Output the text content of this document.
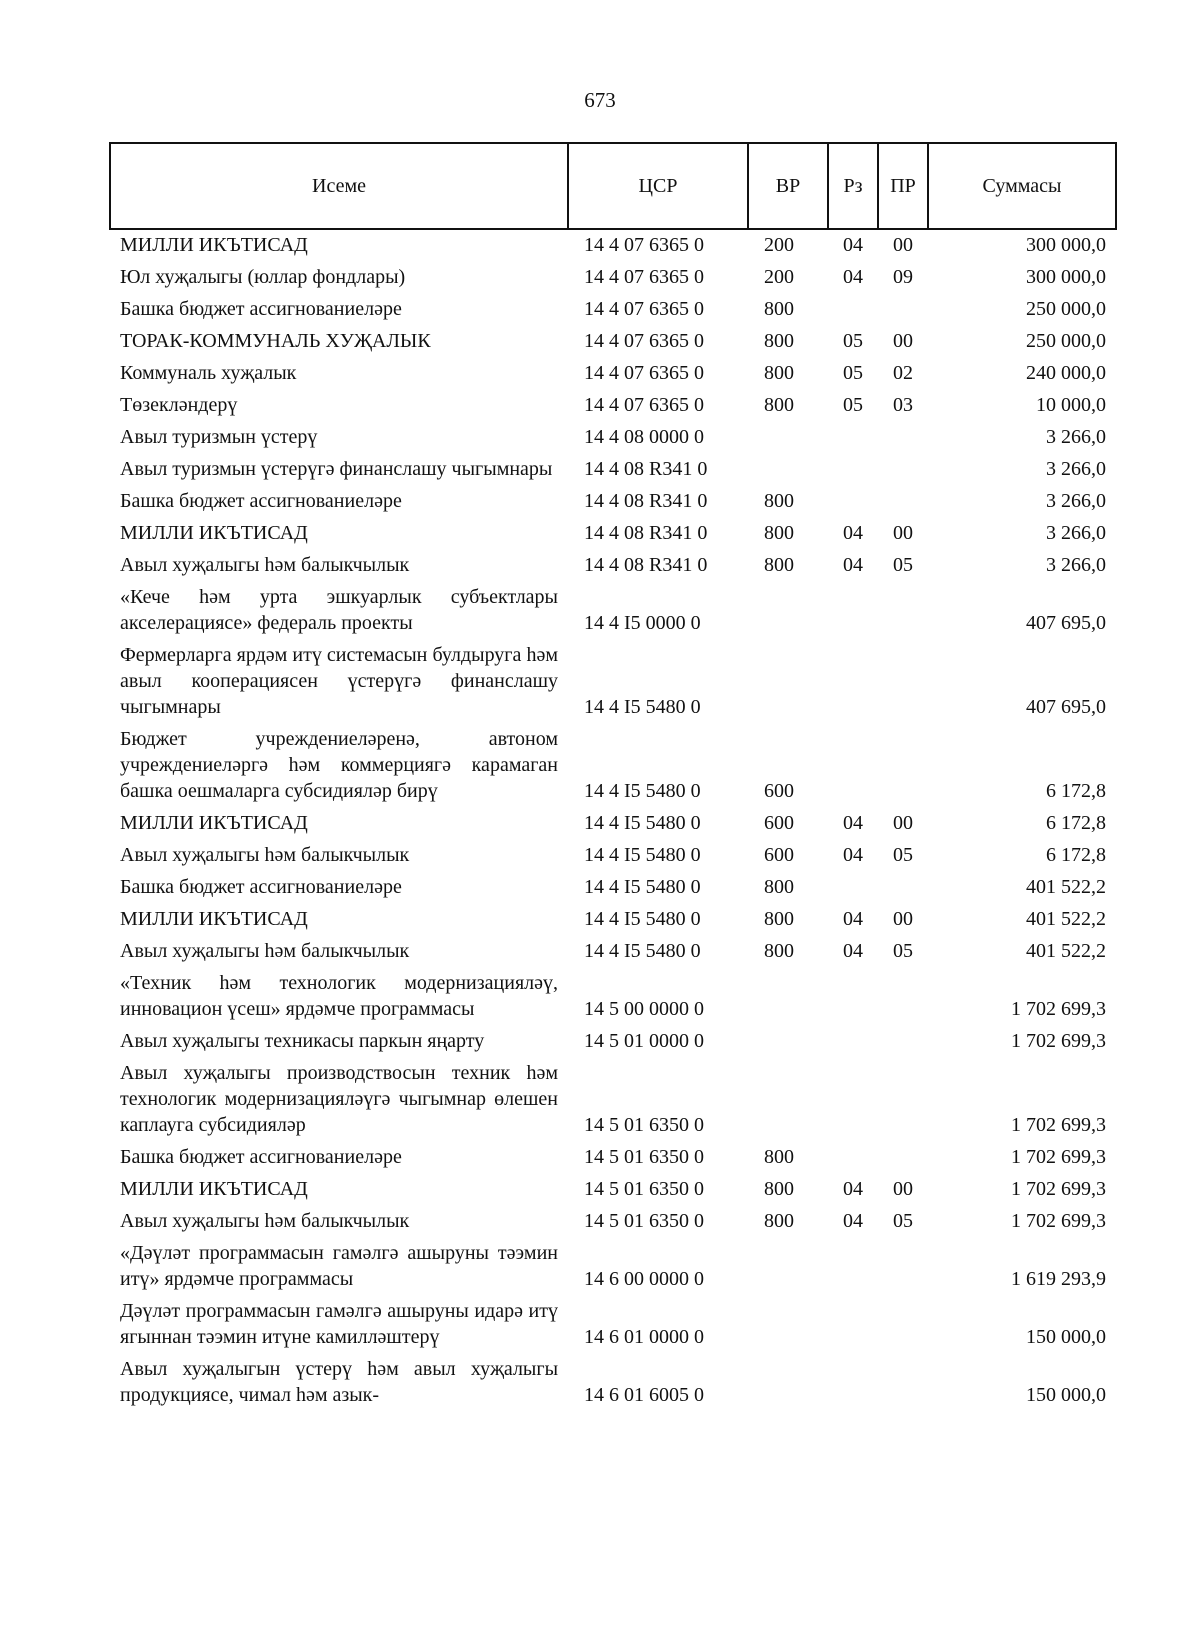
673
Исеме	ЦСР	ВР	Рз	ПР	Суммасы
МИЛЛИ ИКЪТИСАД	14 4 07 6365 0	200	04	00	300 000,0
Юл хуҗалыгы (юллар фондлары)	14 4 07 6365 0	200	04	09	300 000,0
Башка бюджет ассигнованиеләре	14 4 07 6365 0	800			250 000,0
ТОРАК-КОММУНАЛЬ ХУҖАЛЫК	14 4 07 6365 0	800	05	00	250 000,0
Коммуналь хуҗалык	14 4 07 6365 0	800	05	02	240 000,0
Төзекләндерү	14 4 07 6365 0	800	05	03	10 000,0
Авыл туризмын үстерү	14 4 08 0000 0				3 266,0
Авыл туризмын үстерүгә финанслашу чыгымнары	14 4 08 R341 0				3 266,0
Башка бюджет ассигнованиеләре	14 4 08 R341 0	800			3 266,0
МИЛЛИ ИКЪТИСАД	14 4 08 R341 0	800	04	00	3 266,0
Авыл хуҗалыгы һәм балыкчылык	14 4 08 R341 0	800	04	05	3 266,0
«Кече һәм урта эшкуарлык субъектлары акселерациясе» федераль проекты	14 4 I5 0000 0				407 695,0
Фермерларга ярдәм итү системасын булдыруга һәм авыл кооперациясен үстерүгә финанслашу чыгымнары	14 4 I5 5480 0				407 695,0
Бюджет учреждениеләренә, автоном учреждениеләргә һәм коммерциягә карамаган башка оешмаларга субсидияләр бирү	14 4 I5 5480 0	600			6 172,8
МИЛЛИ ИКЪТИСАД	14 4 I5 5480 0	600	04	00	6 172,8
Авыл хуҗалыгы һәм балыкчылык	14 4 I5 5480 0	600	04	05	6 172,8
Башка бюджет ассигнованиеләре	14 4 I5 5480 0	800			401 522,2
МИЛЛИ ИКЪТИСАД	14 4 I5 5480 0	800	04	00	401 522,2
Авыл хуҗалыгы һәм балыкчылык	14 4 I5 5480 0	800	04	05	401 522,2
«Техник һәм технологик модернизацияләү, инновацион үсеш» ярдәмче программасы	14 5 00 0000 0				1 702 699,3
Авыл хуҗалыгы техникасы паркын яңарту	14 5 01 0000 0				1 702 699,3
Авыл хуҗалыгы производствосын техник һәм технологик модернизацияләүгә чыгымнар өлешен каплауга субсидияләр	14 5 01 6350 0				1 702 699,3
Башка бюджет ассигнованиеләре	14 5 01 6350 0	800			1 702 699,3
МИЛЛИ ИКЪТИСАД	14 5 01 6350 0	800	04	00	1 702 699,3
Авыл хуҗалыгы һәм балыкчылык	14 5 01 6350 0	800	04	05	1 702 699,3
«Дәүләт программасын гамәлгә ашыруны тәэмин итү» ярдәмче программасы	14 6 00 0000 0				1 619 293,9
Дәүләт программасын гамәлгә ашыруны идарә итү ягыннан тәэмин итүне камилләштерү	14 6 01 0000 0				150 000,0
Авыл хуҗалыгын үстерү һәм авыл хуҗалыгы продукциясе, чимал һәм азык-	14 6 01 6005 0				150 000,0
